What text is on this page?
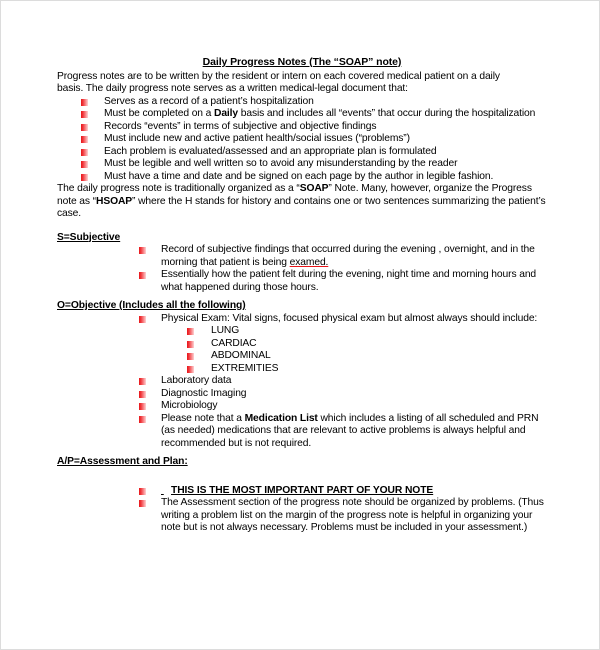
Daily Progress Notes (The “SOAP” note)
Progress notes are to be written by the resident or intern on each covered medical patient on a daily
basis. The daily progress note serves as a written medical-legal document that:
Serves as a record of a patient’s hospitalization
Must be completed on a Daily basis and includes all “events” that occur during the hospitalization
Records “events” in terms of subjective and objective findings
Must include new and active patient health/social issues (“problems”)
Each problem is evaluated/assessed and an appropriate plan is formulated
Must be legible and well written so to avoid any misunderstanding by the reader
Must have a time and date and be signed on each page by the author in legible fashion.
The daily progress note is traditionally organized as a “SOAP” Note. Many, however, organize the Progress note as “HSOAP” where the H stands for history and contains one or two sentences summarizing the patient’s case.
S=Subjective
Record of subjective findings that occurred during the evening , overnight, and in the morning that patient is being examed.
Essentially how the patient felt during the evening, night time and morning hours and what happened during those hours.
O=Objective (Includes all the following)
Physical Exam: Vital signs, focused physical exam but almost always should include:
LUNG
CARDIAC
ABDOMINAL
EXTREMITIES
Laboratory data
Diagnostic Imaging
Microbiology
Please note that a Medication List which includes a listing of all scheduled and PRN (as needed) medications that are relevant to active problems is always helpful and recommended but is not required.
A/P=Assessment and Plan:
THIS IS THE MOST IMPORTANT PART OF YOUR NOTE
The Assessment section of the progress note should be organized by problems. (Thus writing a problem list on the margin of the progress note is helpful in organizing your note but is not always necessary. Problems must be included in your assessment.)
